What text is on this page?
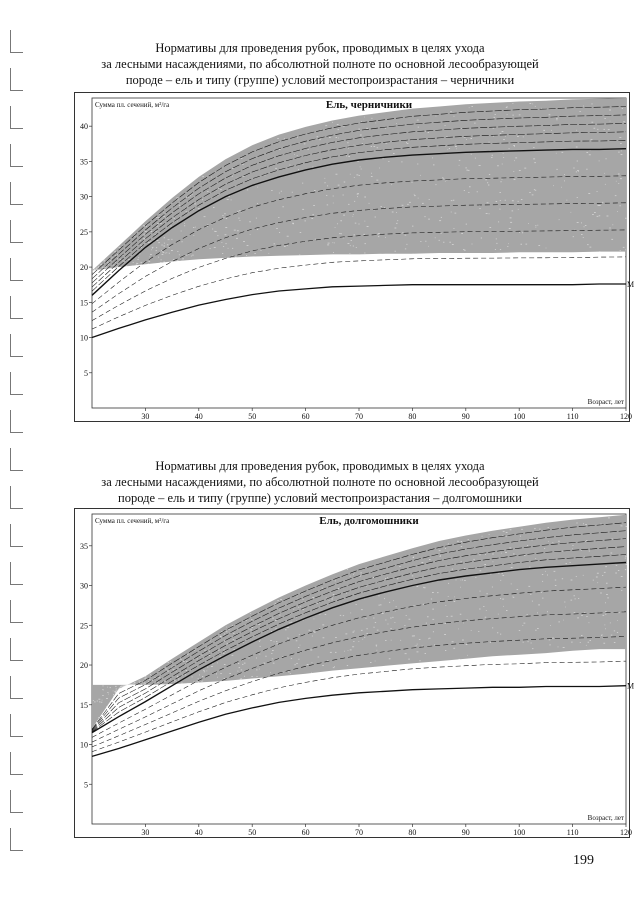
Нормативы для проведения рубок, проводимых в целях ухода
за лесными насаждениями, по абсолютной полноте по основной лесообразующей
породе – ель и типу (группе) условий местопроизрастания – черничники
30	40	50	60	70	80	90	100	110	120
5
10
15
20
25
30
35
40
Ель, черничники
Сумма пл. сечений, м²/га
Возраст, лет
М
Нормативы для проведения рубок, проводимых в целях ухода
за лесными насаждениями, по абсолютной полноте по основной лесообразующей
породе – ель и типу (группе) условий местопроизрастания – долгомошники
30	40	50	60	70	80	90	100	110	120
5
10
15
20
25
30
35
Ель, долгомошники
Сумма пл. сечений, м²/га
Возраст, лет
М
199
